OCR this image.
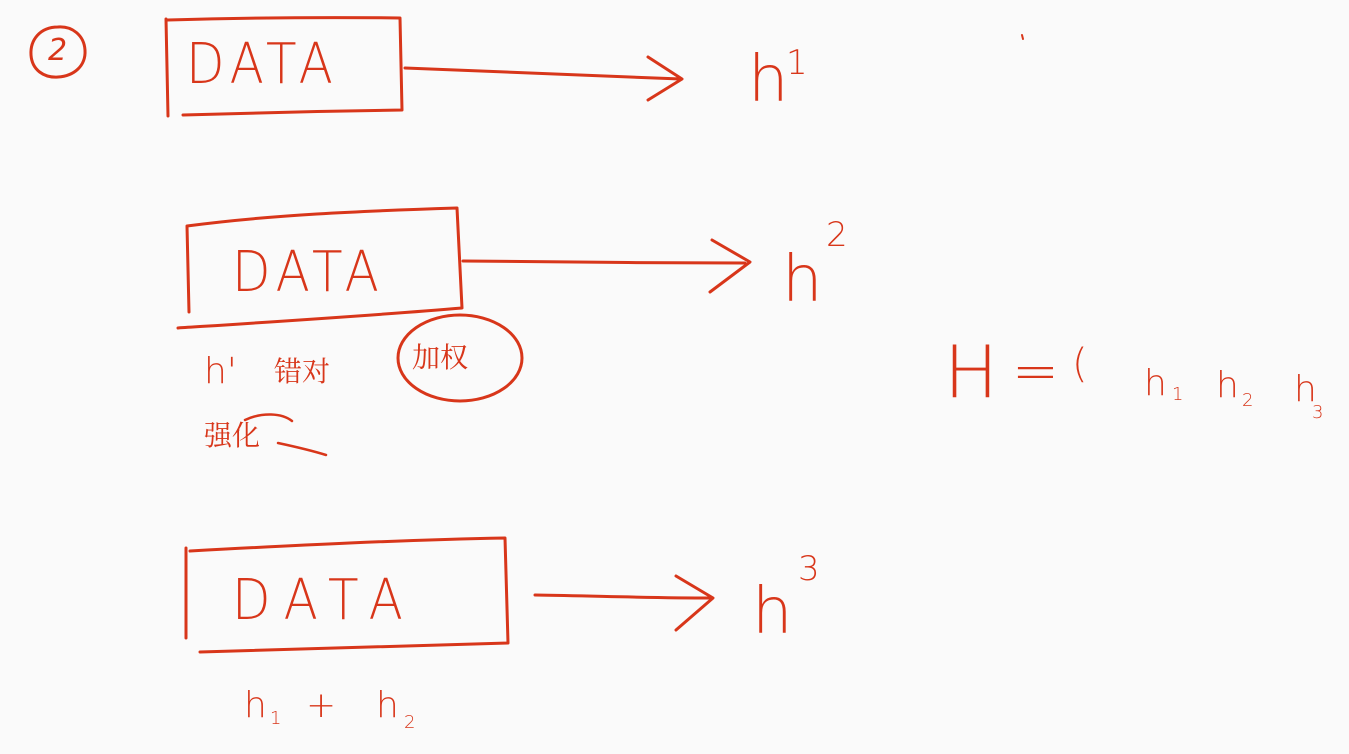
2 DATA	h
1
DATA	h
2
h' 错对	加权
强化
DATA	h
3
h 1 + h 2
H = ( h 1 h 2 h
3
